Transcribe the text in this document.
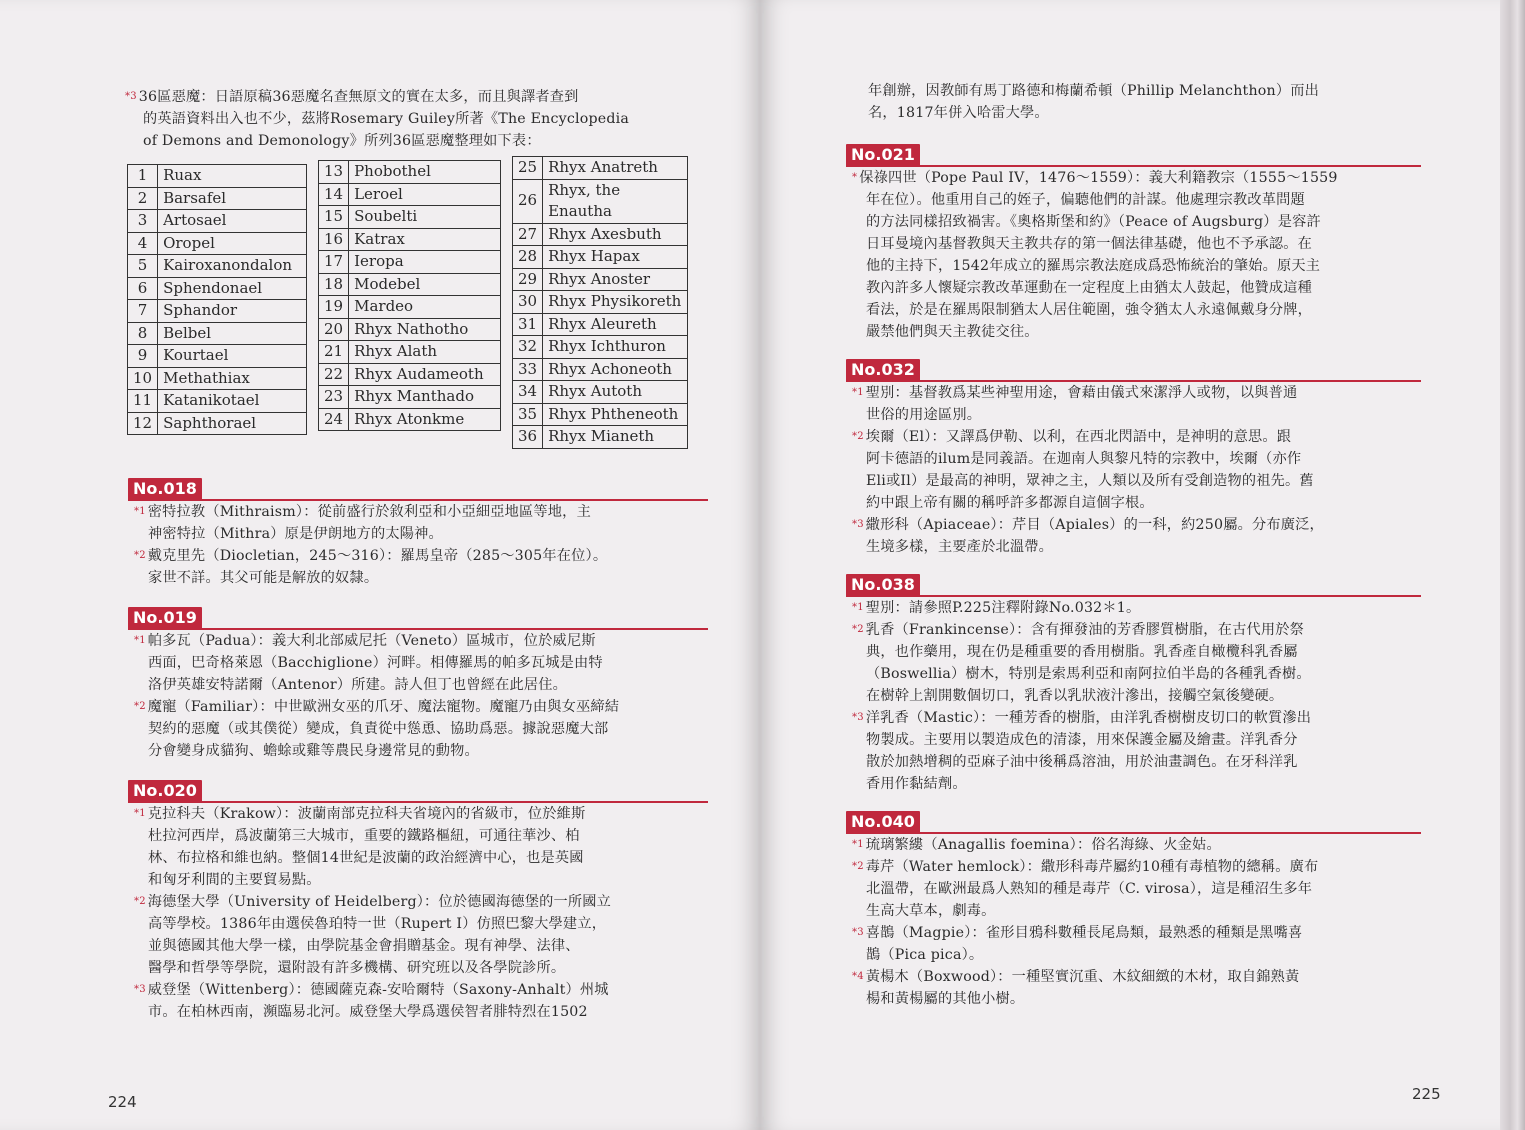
$^{*3}$ 36區惡魔：日語原稿36惡魔名查無原文的實在太多，而且與譯者查到
的英語資料出入也不少，茲將Rosemary Guiley所著《The Encyclopedia
of Demons and Demonology》所列36區惡魔整理如下表：
1	Ruax
2	Barsafel
3	Artosael
4	Oropel
5	Kairoxanondalon
6	Sphendonael
7	Sphandor
8	Belbel
9	Kourtael
10	Methathiax
11	Katanikotael
12	Saphthorael
13	Phobothel
14	Leroel
15	Soubelti
16	Katrax
17	Ieropa
18	Modebel
19	Mardeo
20	Rhyx Nathotho
21	Rhyx Alath
22	Rhyx Audameoth
23	Rhyx Manthado
24	Rhyx Atonkme
25	Rhyx Anatreth
26	Rhyx, the Enautha
27	Rhyx Axesbuth
28	Rhyx Hapax
29	Rhyx Anoster
30	Rhyx Physikoreth
31	Rhyx Aleureth
32	Rhyx Ichthuron
33	Rhyx Achoneoth
34	Rhyx Autoth
35	Rhyx Phtheneoth
36	Rhyx Mianeth
No.018
$^{*1}$ 密特拉教（Mithraism）：從前盛行於敘利亞和小亞細亞地區等地，主
神密特拉（Mithra）原是伊朗地方的太陽神。
$^{*2}$ 戴克里先（Diocletian，245～316）：羅馬皇帝（285～305年在位）。
家世不詳。其父可能是解放的奴隸。
No.019
$^{*1}$ 帕多瓦（Padua）：義大利北部威尼托（Veneto）區城市，位於威尼斯
西面，巴奇格萊恩（Bacchiglione）河畔。相傳羅馬的帕多瓦城是由特
洛伊英雄安特諾爾（Antenor）所建。詩人但丁也曾經在此居住。
$^{*2}$ 魔寵（Familiar）：中世歐洲女巫的爪牙、魔法寵物。魔寵乃由與女巫締結
契約的惡魔（或其僕從）變成，負責從中慫恿、協助爲惡。據說惡魔大部
分會變身成貓狗、蟾蜍或雞等農民身邊常見的動物。
No.020
$^{*1}$ 克拉科夫（Krakow）：波蘭南部克拉科夫省境內的省級市，位於維斯
杜拉河西岸，爲波蘭第三大城市，重要的鐵路樞紐，可通往華沙、柏
林、布拉格和維也納。整個14世紀是波蘭的政治經濟中心，也是英國
和匈牙利間的主要貿易點。
$^{*2}$ 海德堡大學（University of Heidelberg）：位於德國海德堡的一所國立
高等學校。1386年由選侯魯珀特一世（Rupert I）仿照巴黎大學建立，
並與德國其他大學一樣，由學院基金會捐贈基金。現有神學、法律、
醫學和哲學等學院，還附設有許多機構、研究班以及各學院診所。
$^{*3}$ 威登堡（Wittenberg）：德國薩克森-安哈爾特（Saxony-Anhalt）州城
市。在柏林西南，瀕臨易北河。威登堡大學爲選侯智者腓特烈在1502
224
年創辦，因教師有馬丁路德和梅蘭希頓（Phillip Melanchthon）而出
名，1817年併入哈雷大學。
No.021
* 保祿四世（Pope Paul IV，1476～1559）：義大利籍教宗（1555～1559
年在位）。他重用自己的姪子，偏聽他們的計謀。他處理宗教改革問題
的方法同樣招致禍害。《奧格斯堡和約》（Peace of Augsburg）是容許
日耳曼境內基督教與天主教共存的第一個法律基礎，他也不予承認。在
他的主持下，1542年成立的羅馬宗教法庭成爲恐怖統治的肇始。原天主
教內許多人懷疑宗教改革運動在一定程度上由猶太人鼓起，他贊成這種
看法，於是在羅馬限制猶太人居住範圍，強令猶太人永遠佩戴身分牌，
嚴禁他們與天主教徒交往。
No.032
$^{*1}$ 聖別：基督教爲某些神聖用途，會藉由儀式來潔淨人或物，以與普通
世俗的用途區別。
$^{*2}$ 埃爾（El）：又譯爲伊勒、以利，在西北閃語中，是神明的意思。跟
阿卡德語的ilum是同義語。在迦南人與黎凡特的宗教中，埃爾（亦作
Eli或Il）是最高的神明，眾神之主，人類以及所有受創造物的祖先。舊
約中跟上帝有關的稱呼許多都源自這個字根。
$^{*3}$ 繖形科（Apiaceae）：芹目（Apiales）的一科，約250屬。分布廣泛，
生境多樣，主要產於北溫帶。
No.038
$^{*1}$ 聖別：請參照P.225注釋附錄No.032＊1。
$^{*2}$ 乳香（Frankincense）：含有揮發油的芳香膠質樹脂，在古代用於祭
典，也作藥用，現在仍是種重要的香用樹脂。乳香產自橄欖科乳香屬
（Boswellia）樹木，特別是索馬利亞和南阿拉伯半島的各種乳香樹。
在樹幹上割開數個切口，乳香以乳狀液汁滲出，接觸空氣後變硬。
$^{*3}$ 洋乳香（Mastic）：一種芳香的樹脂，由洋乳香樹樹皮切口的軟質滲出
物製成。主要用以製造成色的清漆，用來保護金屬及繪畫。洋乳香分
散於加熱增稠的亞麻子油中後稱爲溶油，用於油畫調色。在牙科洋乳
香用作黏結劑。
No.040
$^{*1}$ 琉璃繁縷（Anagallis foemina）：俗名海綠、火金姑。
$^{*2}$ 毒芹（Water hemlock）：繖形科毒芹屬約10種有毒植物的總稱。廣布
北溫帶，在歐洲最爲人熟知的種是毒芹（C. virosa），這是種沼生多年
生高大草本，劇毒。
$^{*3}$ 喜鵲（Magpie）：雀形目鴉科數種長尾鳥類，最熟悉的種類是黑嘴喜
鵲（Pica pica）。
$^{*4}$ 黃楊木（Boxwood）：一種堅實沉重、木紋細緻的木材，取自錦熟黃
楊和黃楊屬的其他小樹。
225
